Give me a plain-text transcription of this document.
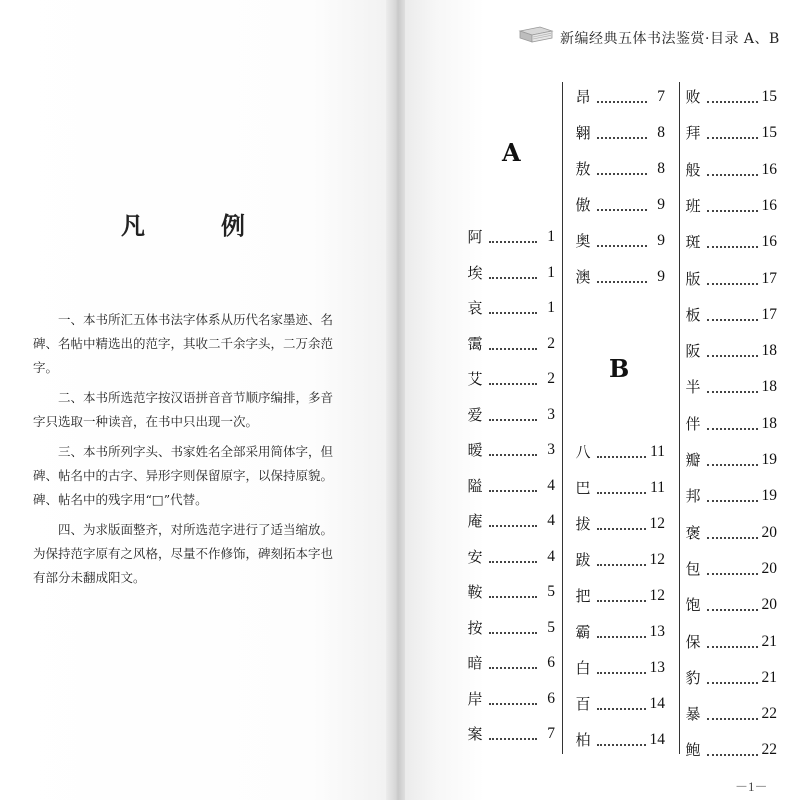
凡　例

一、本书所汇五体书法字体系从历代名家墨迹、名碑、名帖中精选出的范字，其收二千余字头，二万余范字。

二、本书所选范字按汉语拼音音节顺序编排，多音字只选取一种读音，在书中只出现一次。

三、本书所列字头、书家姓名全部采用简体字，但碑、帖名中的古字、异形字则保留原字，以保持原貌。碑、帖名中的残字用“□”代替。

四、为求版面整齐，对所选范字进行了适当缩放。为保持范字原有之风格，尽量不作修饰，碑刻拓本字也有部分未翻成阳文。

新编经典五体书法鉴赏·目录 A、B
A
B
阿	1
埃	1
哀	1
霭	2
艾	2
爱	3
暧	3
隘	4
庵	4
安	4
鞍	5
按	5
暗	6
岸	6
案	7
昂	7
翱	8
敖	8
傲	9
奥	9
澳	9
八	11
巴	11
拔	12
跋	12
把	12
霸	13
白	13
百	14
柏	14
败	15
拜	15
般	16
班	16
斑	16
版	17
板	17
阪	18
半	18
伴	18
瓣	19
邦	19
褒	20
包	20
饱	20
保	21
豹	21
暴	22
鲍	22
－1－
